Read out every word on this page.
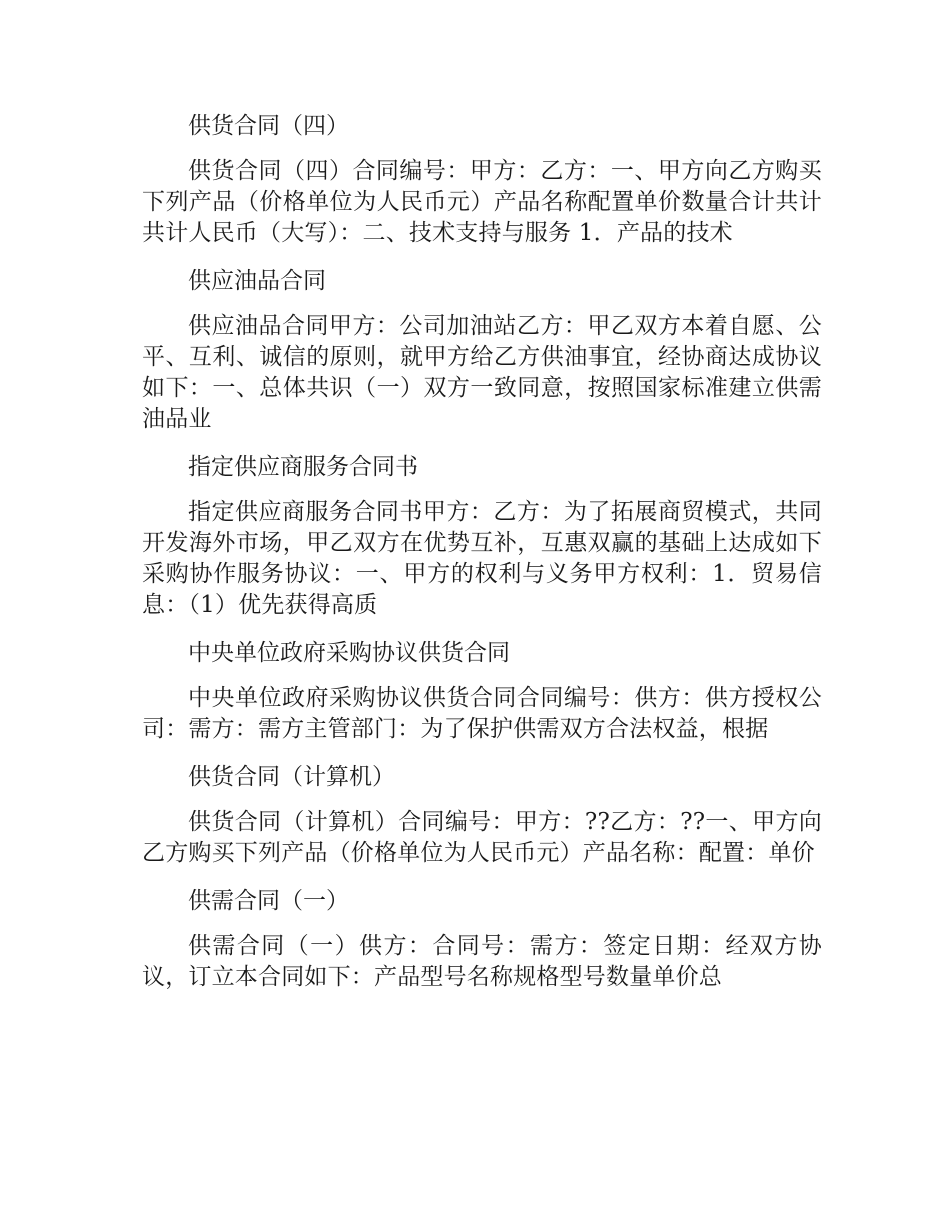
供货合同（四）

供货合同（四）合同编号：甲方：乙方：一、甲方向乙方购买下列产品（价格单位为人民币元）产品名称配置单价数量合计共计共计人民币（大写）：二、技术支持与服务 1．产品的技术

供应油品合同

供应油品合同甲方：公司加油站乙方：甲乙双方本着自愿、公平、互利、诚信的原则，就甲方给乙方供油事宜，经协商达成协议如下：一、总体共识（一）双方一致同意，按照国家标准建立供需油品业

指定供应商服务合同书

指定供应商服务合同书甲方：乙方：为了拓展商贸模式，共同开发海外市场，甲乙双方在优势互补，互惠双赢的基础上达成如下采购协作服务协议：一、甲方的权利与义务甲方权利：1．贸易信息：（1）优先获得高质

中央单位政府采购协议供货合同

中央单位政府采购协议供货合同合同编号：供方：供方授权公司：需方：需方主管部门：为了保护供需双方合法权益，根据

供货合同（计算机）

供货合同（计算机）合同编号：甲方：??乙方：??一、甲方向乙方购买下列产品（价格单位为人民币元）产品名称：配置：单价

供需合同（一）

供需合同（一）供方：合同号：需方：签定日期：经双方协议，订立本合同如下：产品型号名称规格型号数量单价总
